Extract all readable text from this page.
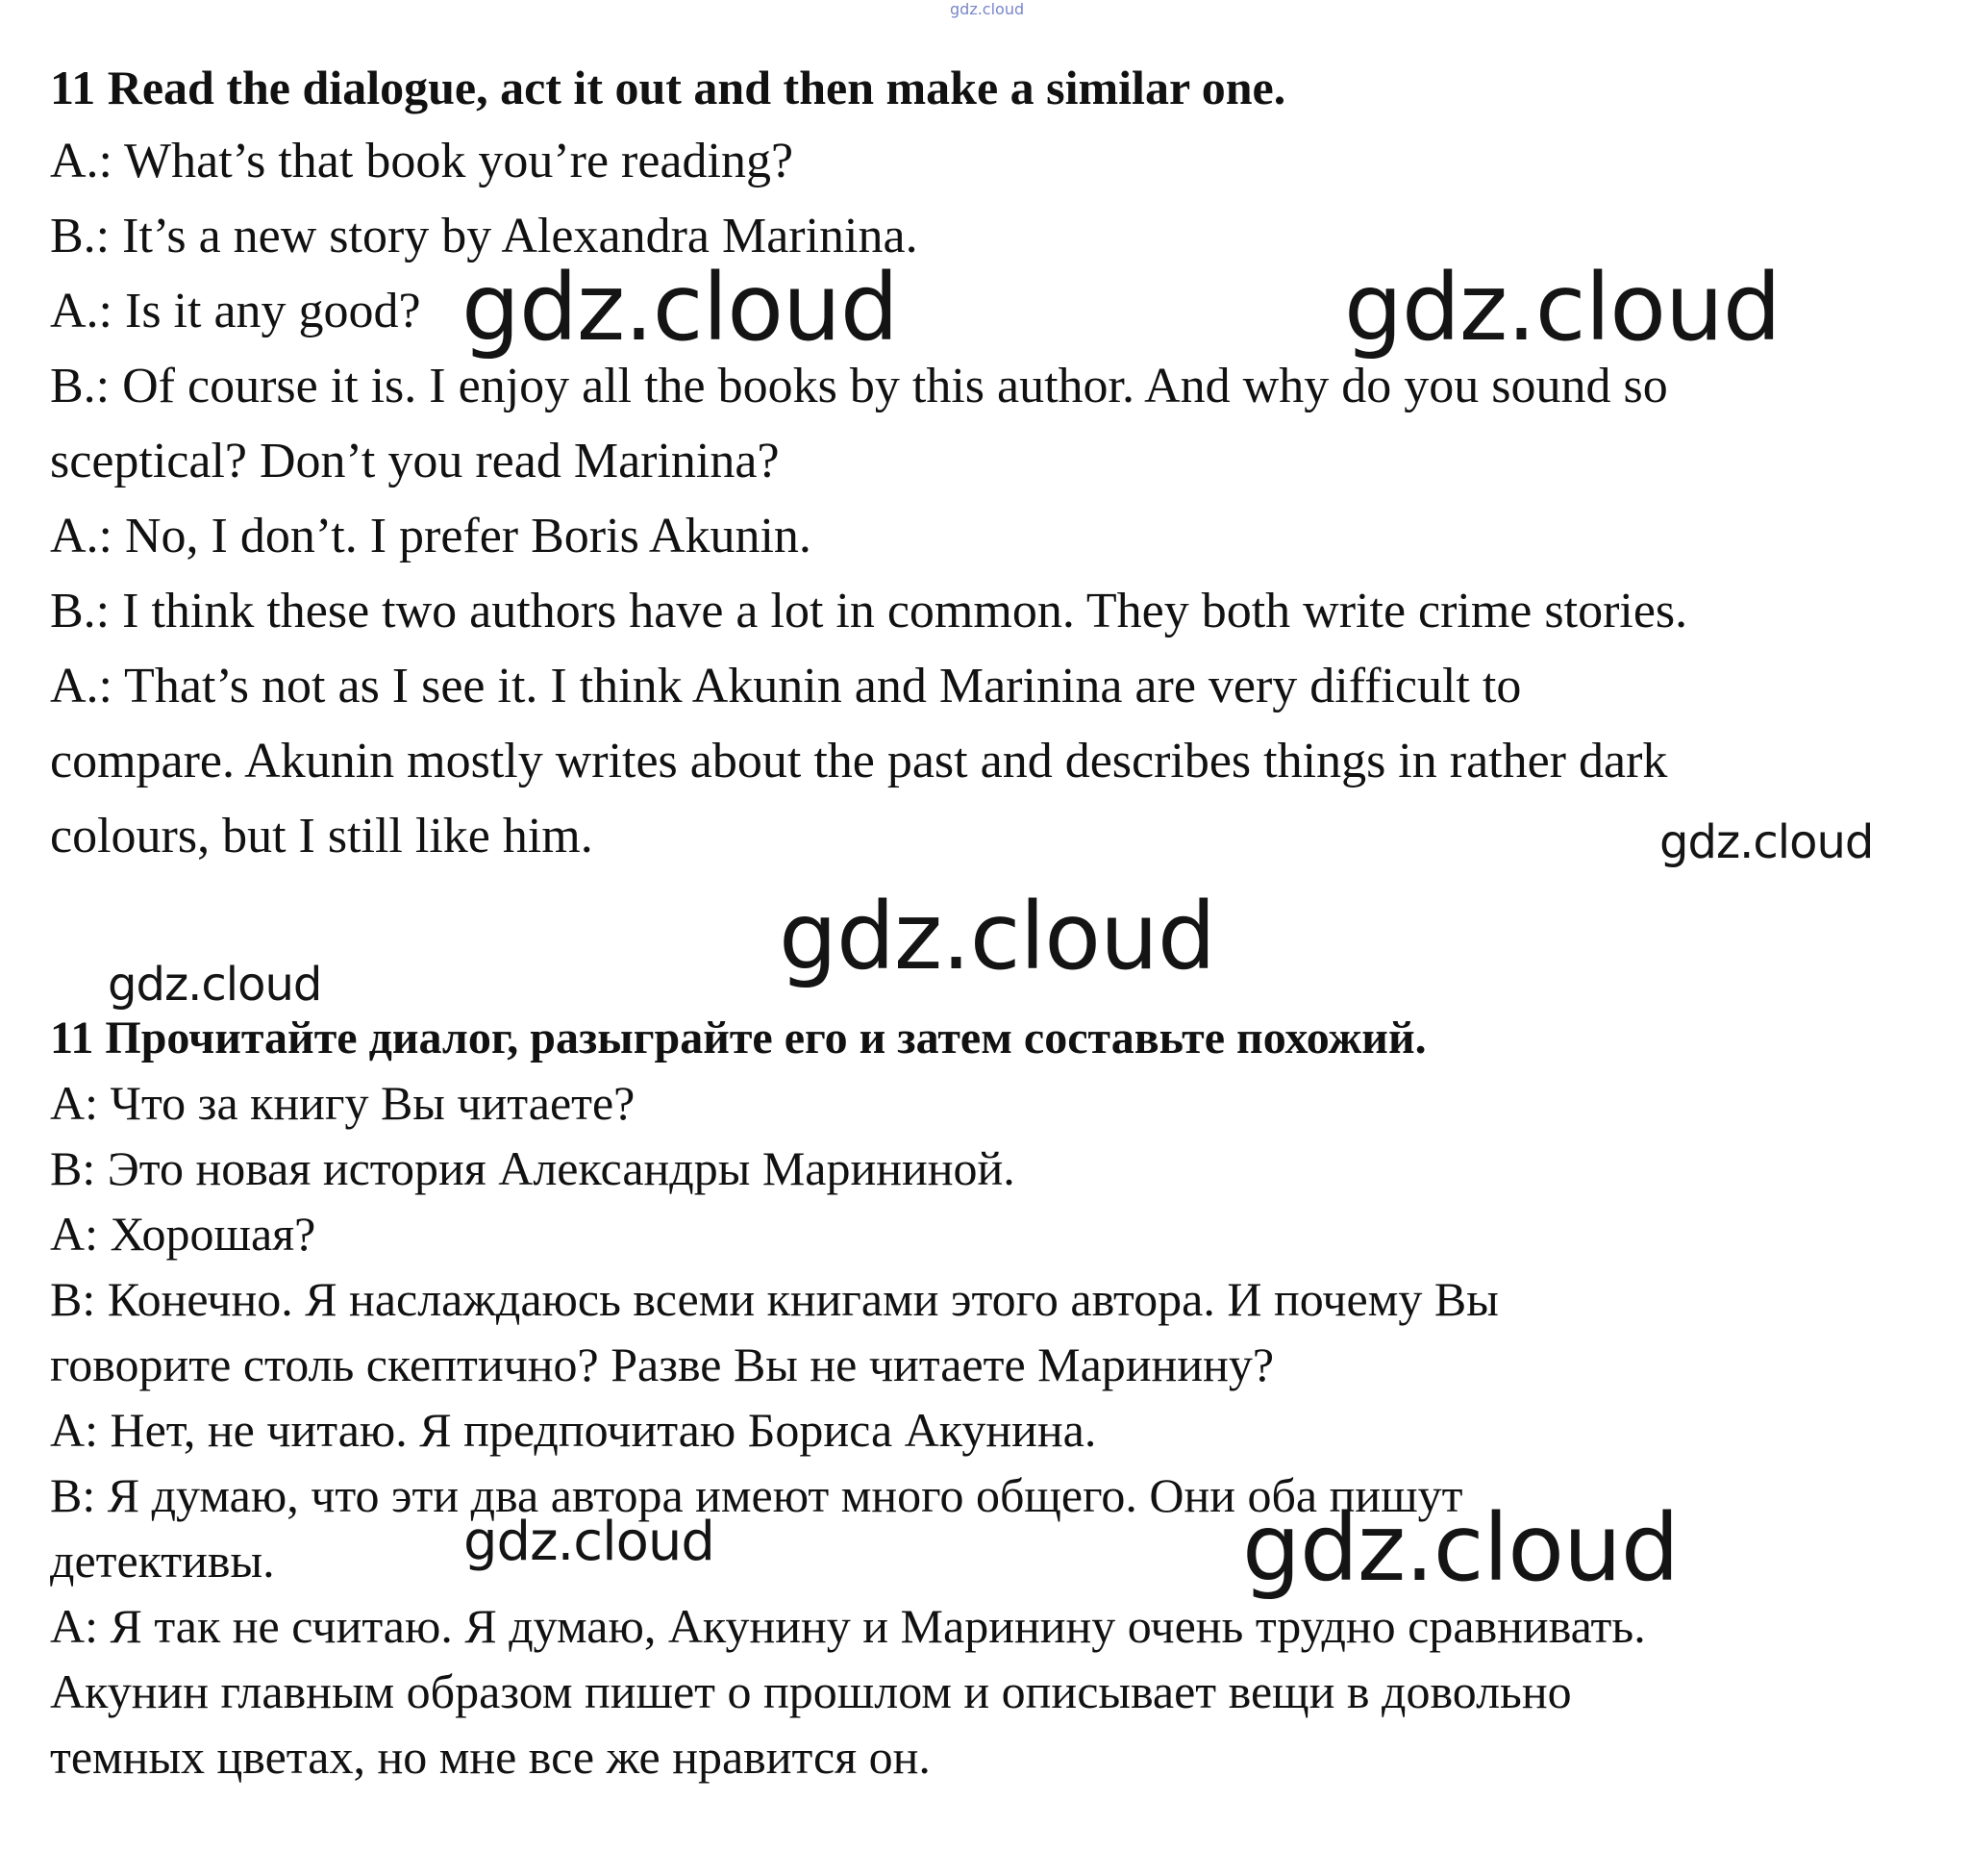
gdz.cloud
11 Read the dialogue, act it out and then make a similar one.
A.: What’s that book you’re reading?
B.: It’s a new story by Alexandra Marinina.
A.: Is it any good?
B.: Of course it is. I enjoy all the books by this author. And why do you sound so
sceptical? Don’t you read Marinina?
A.: No, I don’t. I prefer Boris Akunin.
B.: I think these two authors have a lot in common. They both write crime stories.
A.: That’s not as I see it. I think Akunin and Marinina are very difficult to
compare. Akunin mostly writes about the past and describes things in rather dark
colours, but I still like him.
11 Прочитайте диалог, разыграйте его и затем составьте похожий.
А: Что за книгу Вы читаете?
В: Это новая история Александры Марининой.
А: Хорошая?
В: Конечно. Я наслаждаюсь всеми книгами этого автора. И почему Вы
говорите столь скептично? Разве Вы не читаете Маринину?
А: Нет, не читаю. Я предпочитаю Бориса Акунина.
В: Я думаю, что эти два автора имеют много общего. Они оба пишут
детективы.
А: Я так не считаю. Я думаю, Акунину и Маринину очень трудно сравнивать.
Акунин главным образом пишет о прошлом и описывает вещи в довольно
темных цветах, но мне все же нравится он.
gdz.cloud	gdz.cloud
gdz.cloud
gdz.cloud
gdz.cloud
gdz.cloud	gdz.cloud
